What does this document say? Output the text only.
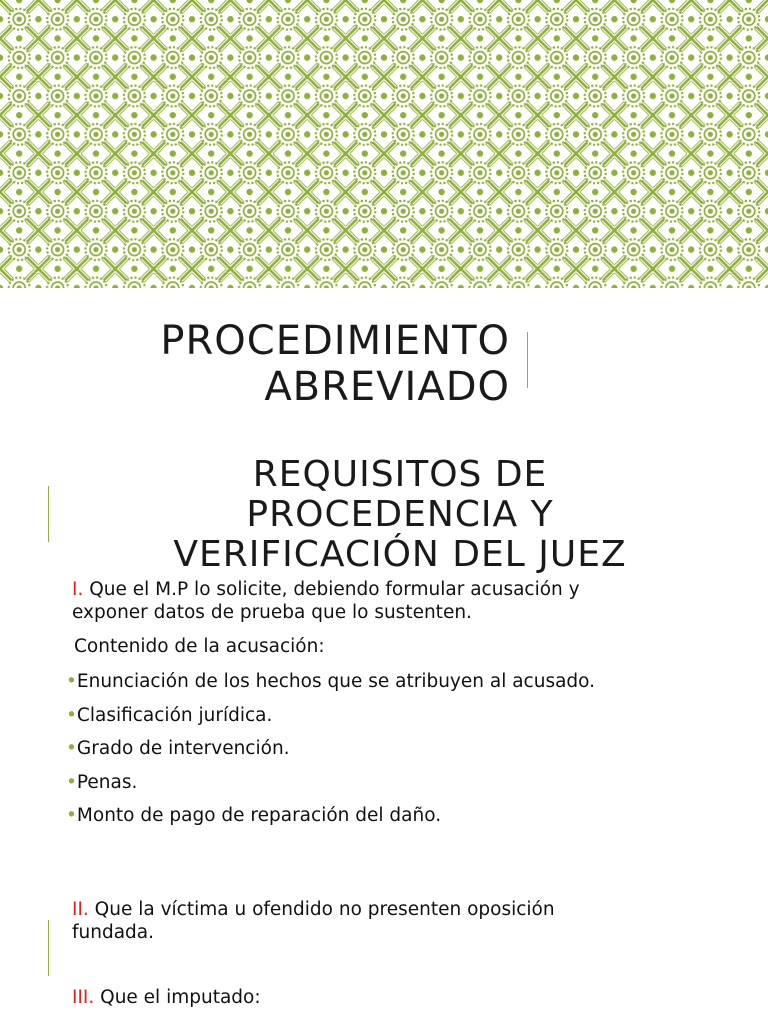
PROCEDIMIENTO
ABREVIADO
REQUISITOS DE
PROCEDENCIA Y
VERIFICACIÓN DEL JUEZ

I. Que el M.P lo solicite, debiendo formular acusación y
exponer datos de prueba que lo sustenten.

Contenido de la acusación:

•Enunciación de los hechos que se atribuyen al acusado.

•Clasificación jurídica.

•Grado de intervención.

•Penas.

•Monto de pago de reparación del daño.

II. Que la víctima u ofendido no presenten oposición
fundada.

III. Que el imputado:
